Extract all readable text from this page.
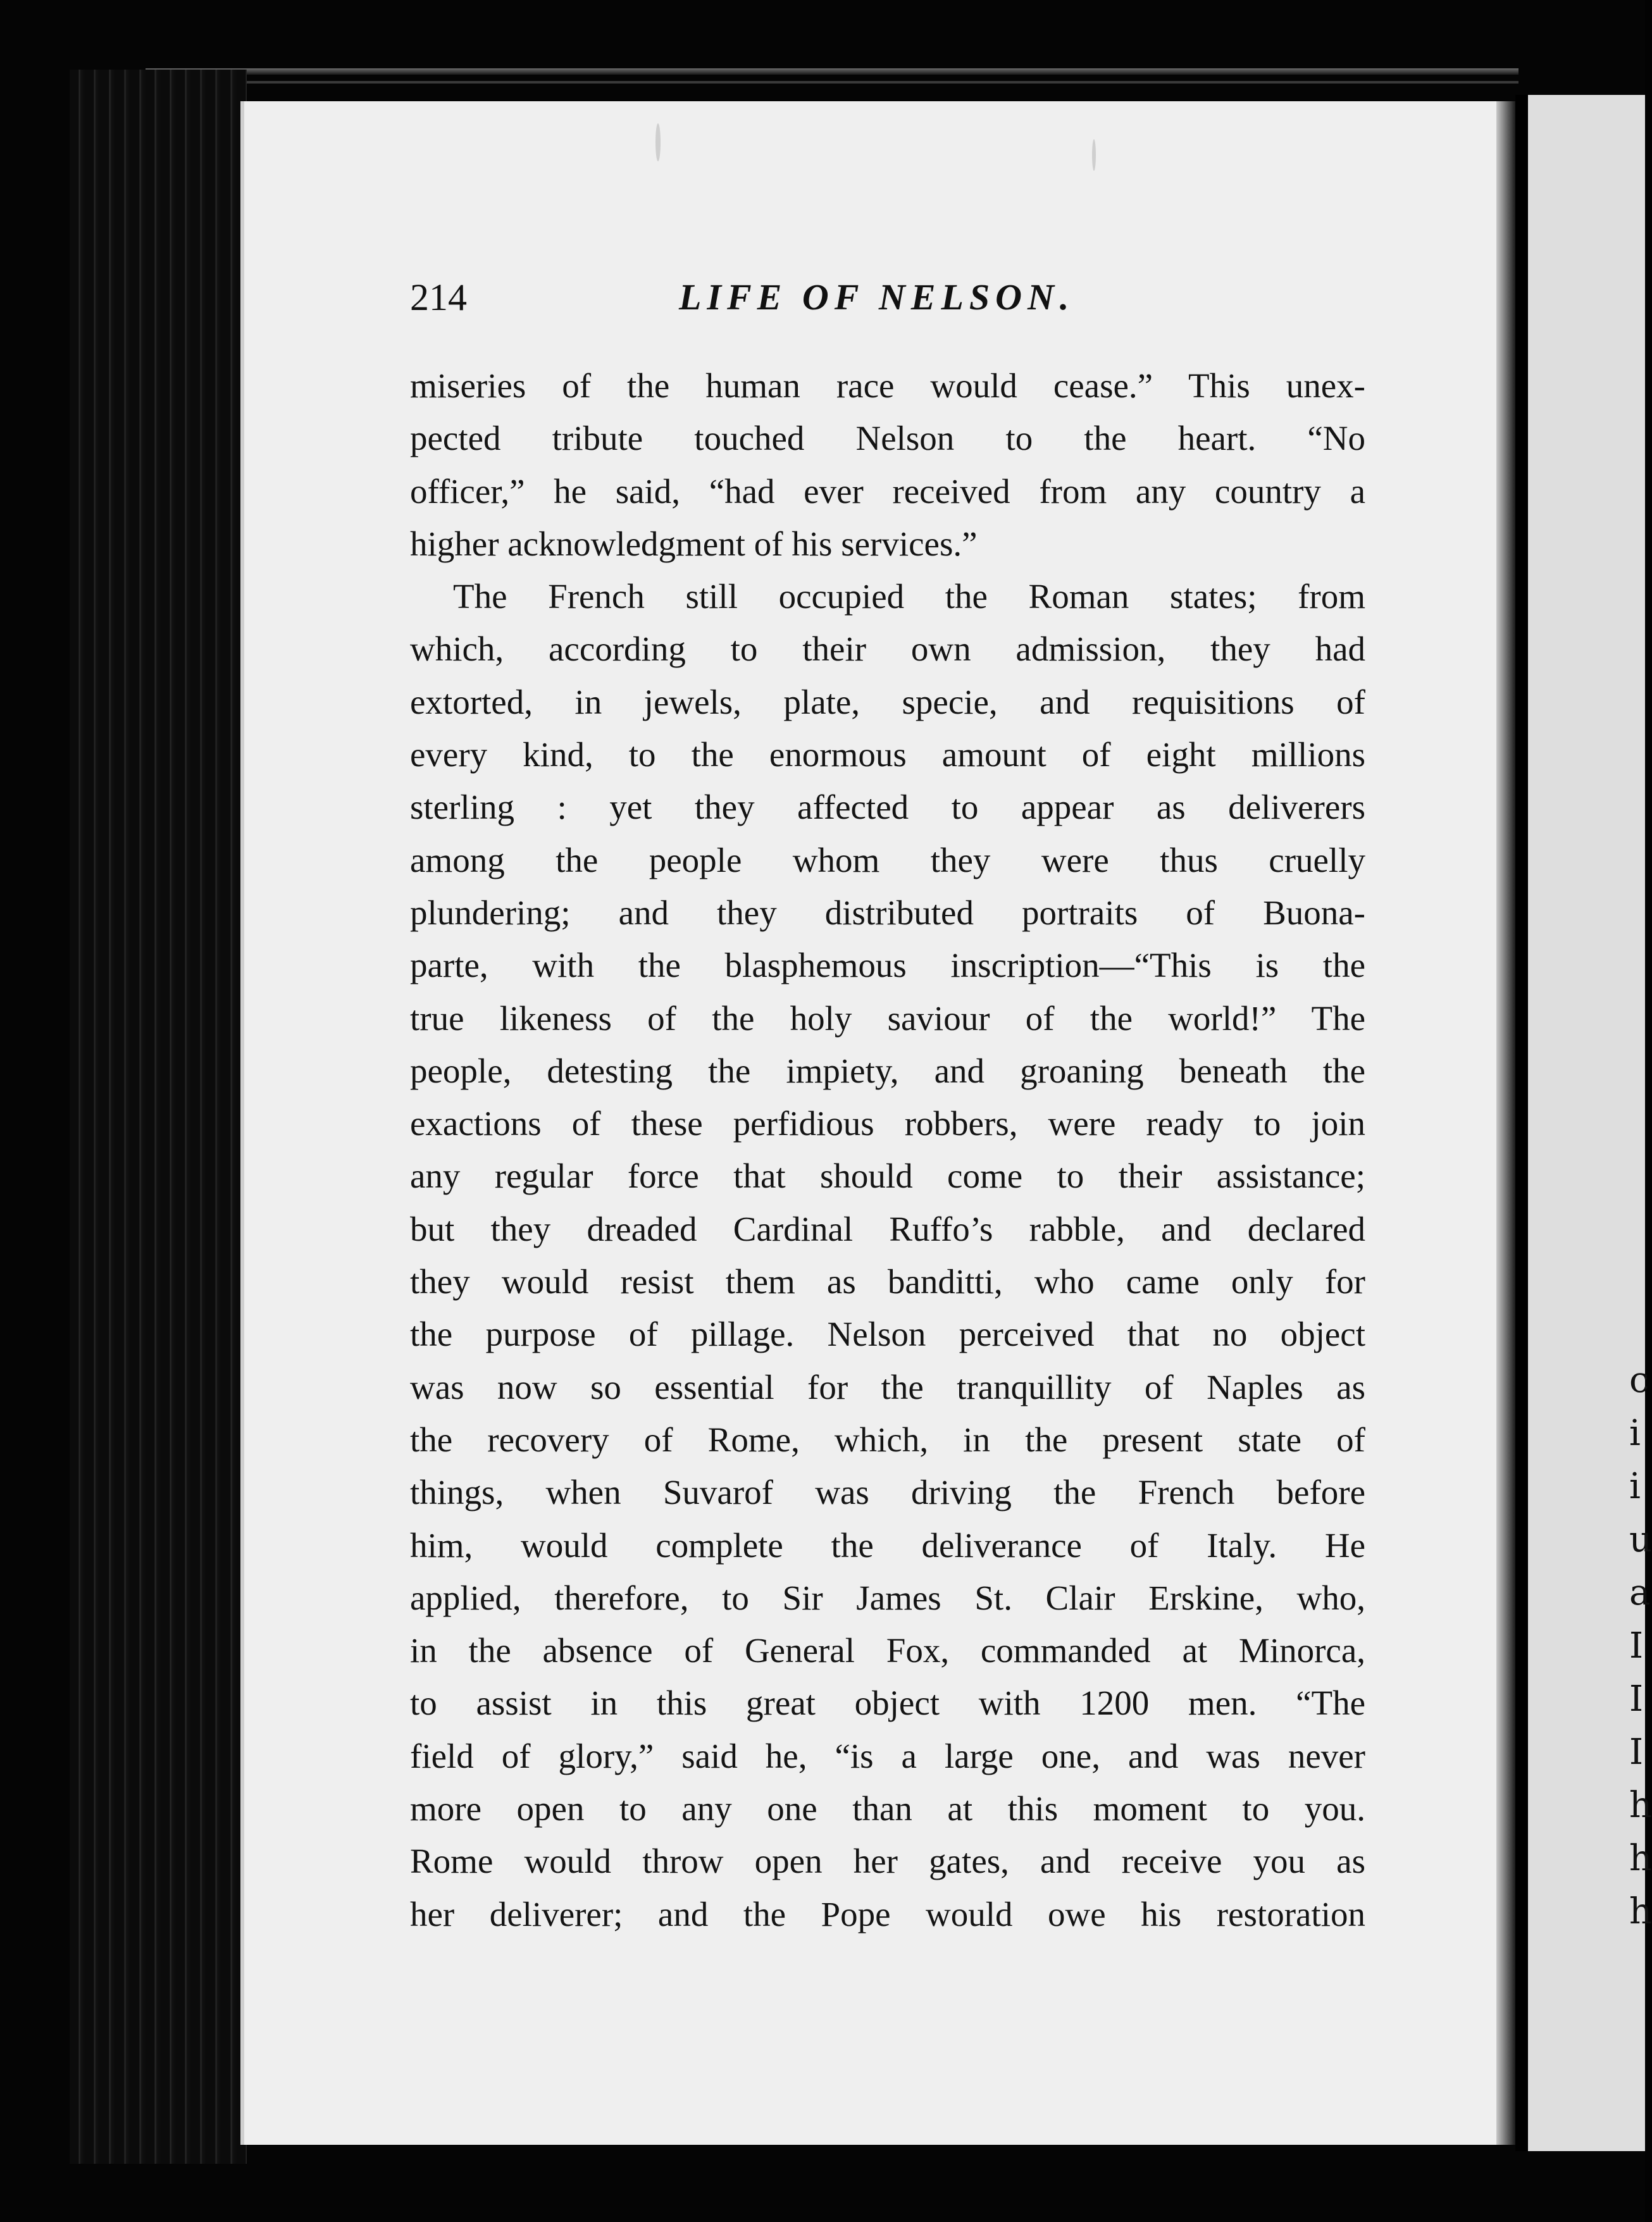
c
i
i
u
a
I
I
I
h
h
h
214	LIFE OF NELSON.
miseries of the human race would cease.” This unex-
pected tribute touched Nelson to the heart. “No
officer,” he said, “had ever received from any country a
higher acknowledgment of his services.”
The French still occupied the Roman states; from
which, according to their own admission, they had
extorted, in jewels, plate, specie, and requisitions of
every kind, to the enormous amount of eight millions
sterling : yet they affected to appear as deliverers
among the people whom they were thus cruelly
plundering; and they distributed portraits of Buona-
parte, with the blasphemous inscription—“This is the
true likeness of the holy saviour of the world!” The
people, detesting the impiety, and groaning beneath the
exactions of these perfidious robbers, were ready to join
any regular force that should come to their assistance;
but they dreaded Cardinal Ruffo’s rabble, and declared
they would resist them as banditti, who came only for
the purpose of pillage. Nelson perceived that no object
was now so essential for the tranquillity of Naples as
the recovery of Rome, which, in the present state of
things, when Suvarof was driving the French before
him, would complete the deliverance of Italy. He
applied, therefore, to Sir James St. Clair Erskine, who,
in the absence of General Fox, commanded at Minorca,
to assist in this great object with 1200 men. “The
field of glory,” said he, “is a large one, and was never
more open to any one than at this moment to you.
Rome would throw open her gates, and receive you as
her deliverer; and the Pope would owe his restoration
